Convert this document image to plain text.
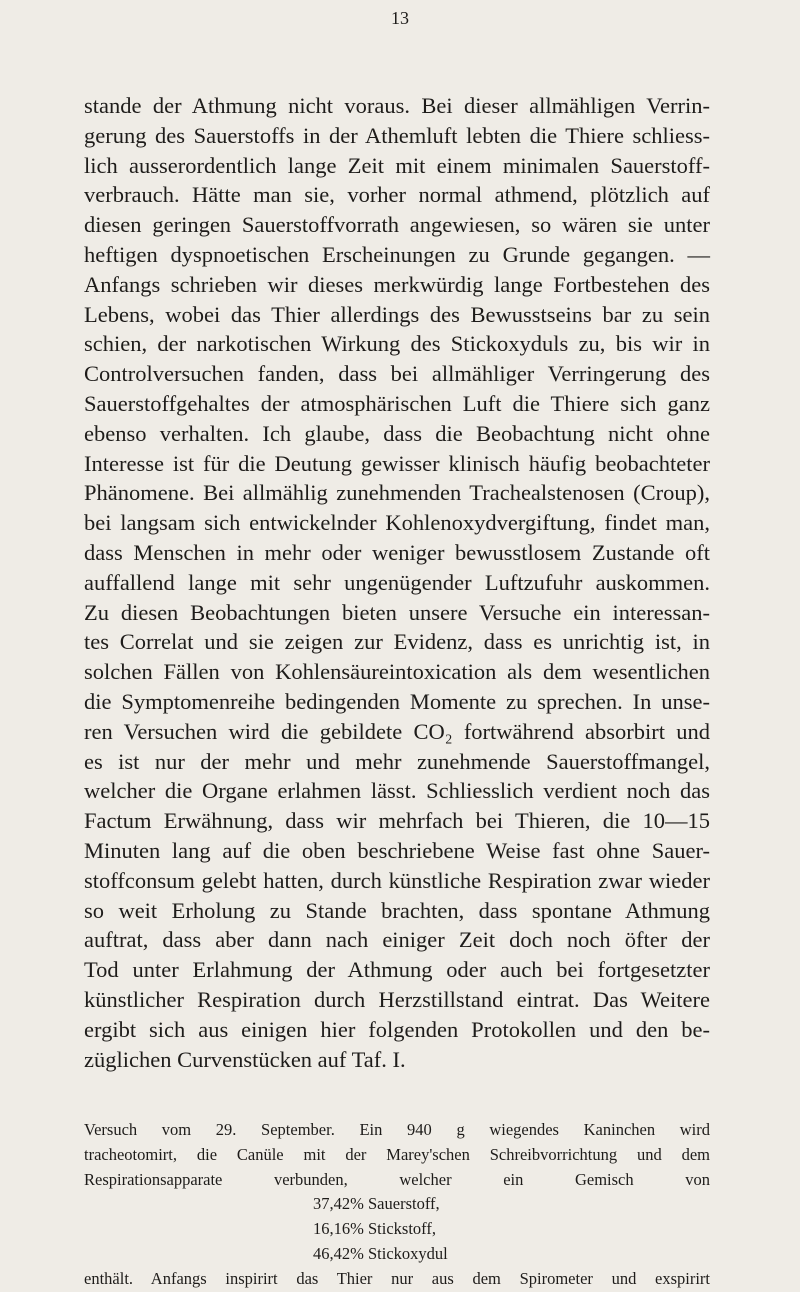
13
stande der Athmung nicht voraus. Bei dieser allmähligen Verrin-
gerung des Sauerstoffs in der Athemluft lebten die Thiere schliess-
lich ausserordentlich lange Zeit mit einem minimalen Sauerstoff-
verbrauch. Hätte man sie, vorher normal athmend, plötzlich auf
diesen geringen Sauerstoffvorrath angewiesen, so wären sie unter
heftigen dyspnoetischen Erscheinungen zu Grunde gegangen. —
Anfangs schrieben wir dieses merkwürdig lange Fortbestehen des
Lebens, wobei das Thier allerdings des Bewusstseins bar zu sein
schien, der narkotischen Wirkung des Stickoxyduls zu, bis wir in
Controlversuchen fanden, dass bei allmähliger Verringerung des
Sauerstoffgehaltes der atmosphärischen Luft die Thiere sich ganz
ebenso verhalten. Ich glaube, dass die Beobachtung nicht ohne
Interesse ist für die Deutung gewisser klinisch häufig beobachteter
Phänomene. Bei allmählig zunehmenden Trachealstenosen (Croup),
bei langsam sich entwickelnder Kohlenoxydvergiftung, findet man,
dass Menschen in mehr oder weniger bewusstlosem Zustande oft
auffallend lange mit sehr ungenügender Luftzufuhr auskommen.
Zu diesen Beobachtungen bieten unsere Versuche ein interessan-
tes Correlat und sie zeigen zur Evidenz, dass es unrichtig ist, in
solchen Fällen von Kohlensäureintoxication als dem wesentlichen
die Symptomenreihe bedingenden Momente zu sprechen. In unse-
ren Versuchen wird die gebildete CO₂ fortwährend absorbirt und
es ist nur der mehr und mehr zunehmende Sauerstoffmangel,
welcher die Organe erlahmen lässt. Schliesslich verdient noch das
Factum Erwähnung, dass wir mehrfach bei Thieren, die 10—15
Minuten lang auf die oben beschriebene Weise fast ohne Sauer-
stoffconsum gelebt hatten, durch künstliche Respiration zwar wieder
so weit Erholung zu Stande brachten, dass spontane Athmung
auftrat, dass aber dann nach einiger Zeit doch noch öfter der
Tod unter Erlahmung der Athmung oder auch bei fortgesetzter
künstlicher Respiration durch Herzstillstand eintrat. Das Weitere
ergibt sich aus einigen hier folgenden Protokollen und den be-
züglichen Curvenstücken auf Taf. I.
Versuch vom 29. September. Ein 940 g wiegendes Kaninchen wird
tracheotomirt, die Canüle mit der Marey'schen Schreibvorrichtung und dem
Respirationsapparate verbunden, welcher ein Gemisch von
37,42% Sauerstoff,
16,16% Stickstoff,
46,42% Stickoxydul
enthält. Anfangs inspirirt das Thier nur aus dem Spirometer und exspirirt
